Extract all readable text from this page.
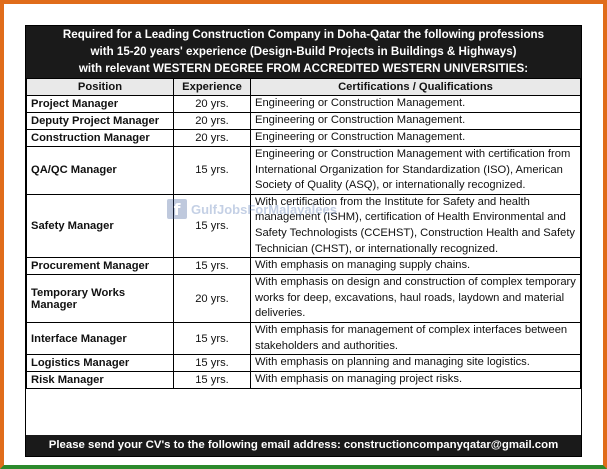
Required for a Leading Construction Company in Doha-Qatar the following professions
with 15-20 years' experience (Design-Build Projects in Buildings & Highways)
with relevant WESTERN DEGREE FROM ACCREDITED WESTERN UNIVERSITIES:
Position	Experience	Certifications / Qualifications
Project Manager	20 yrs.	Engineering or Construction Management.
Deputy Project Manager	20 yrs.	Engineering or Construction Management.
Construction Manager	20 yrs.	Engineering or Construction Management.
QA/QC Manager	15 yrs.	Engineering or Construction Management with certification from International Organization for Standardization (ISO), American Society of Quality (ASQ), or internationally recognized.
Safety Manager	15 yrs.	With certification from the Institute for Safety and health management (ISHM), certification of Health Environmental and Safety Technologists (CCEHST), Construction Health and Safety Technician (CHST), or internationally recognized.
Procurement Manager	15 yrs.	With emphasis on managing supply chains.
Temporary Works Manager	20 yrs.	With emphasis on design and construction of complex temporary works for deep, excavations, haul roads, laydown and material deliveries.
Interface Manager	15 yrs.	With emphasis for management of complex interfaces between stakeholders and authorities.
Logistics Manager	15 yrs.	With emphasis on planning and managing site logistics.
Risk Manager	15 yrs.	With emphasis on managing project risks.
Please send your CV's to the following email address: constructioncompanyqatar@gmail.com
f GulfJobsForMalayalees
